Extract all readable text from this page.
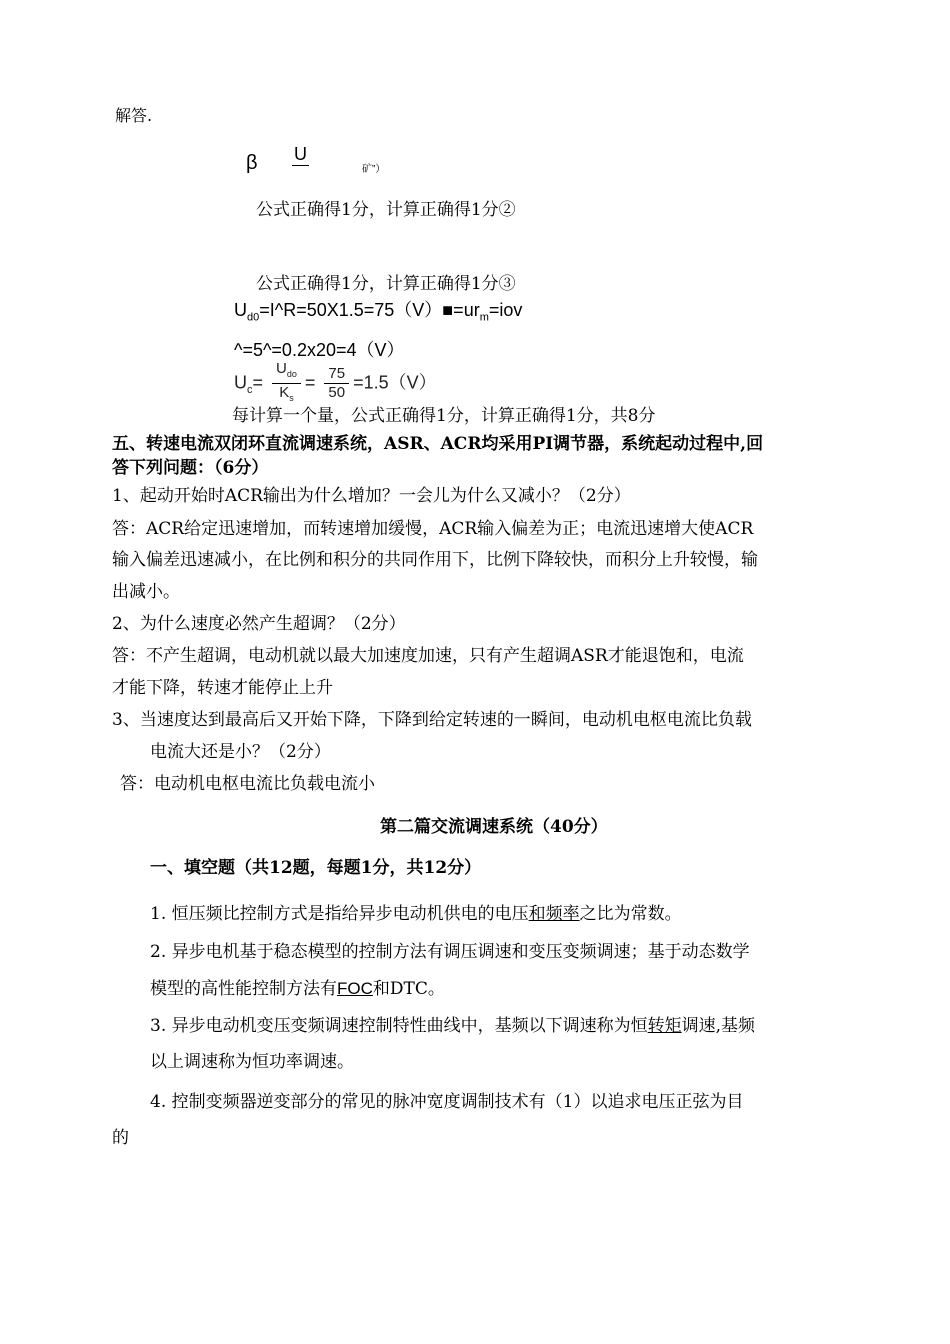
解答.
β U
矿”）
公式正确得1分，计算正确得1分②
公式正确得1分，计算正确得1分③
$U_{d0}=I\^{}R=50X1.5=75(V)■=ur_m=iov$
^=5^=0.2x20=4（V）
$U_c= \frac{U_{do}}{K_s} = \frac{75}{50} =1.5(V)$
每计算一个量，公式正确得1分，计算正确得1分，共8分
五、转速电流双闭环直流调速系统，ASR、ACR均采用PI调节器，系统起动过程中,回
答下列问题：（6分）
1、起动开始时ACR输出为什么增加？一会儿为什么又减小？（2分）
答：ACR给定迅速增加，而转速增加缓慢，ACR输入偏差为正；电流迅速增大使ACR
输入偏差迅速减小，在比例和积分的共同作用下，比例下降较快，而积分上升较慢，输
出减小。
2、为什么速度必然产生超调？（2分）
答：不产生超调，电动机就以最大加速度加速，只有产生超调ASR才能退饱和，电流
才能下降，转速才能停止上升
3、当速度达到最高后又开始下降，下降到给定转速的一瞬间，电动机电枢电流比负载
电流大还是小？（2分）
答：电动机电枢电流比负载电流小
第二篇交流调速系统（40分）
一、填空题（共12题，每题1分，共12分）
1. 恒压频比控制方式是指给异步电动机供电的电压和频率之比为常数。
2. 异步电机基于稳态模型的控制方法有调压调速和变压变频调速；基于动态数学
模型的高性能控制方法有FOC和DTC。
3. 异步电动机变压变频调速控制特性曲线中，基频以下调速称为恒转矩调速,基频
以上调速称为恒功率调速。
4. 控制变频器逆变部分的常见的脉冲宽度调制技术有（1）以追求电压正弦为目
的
